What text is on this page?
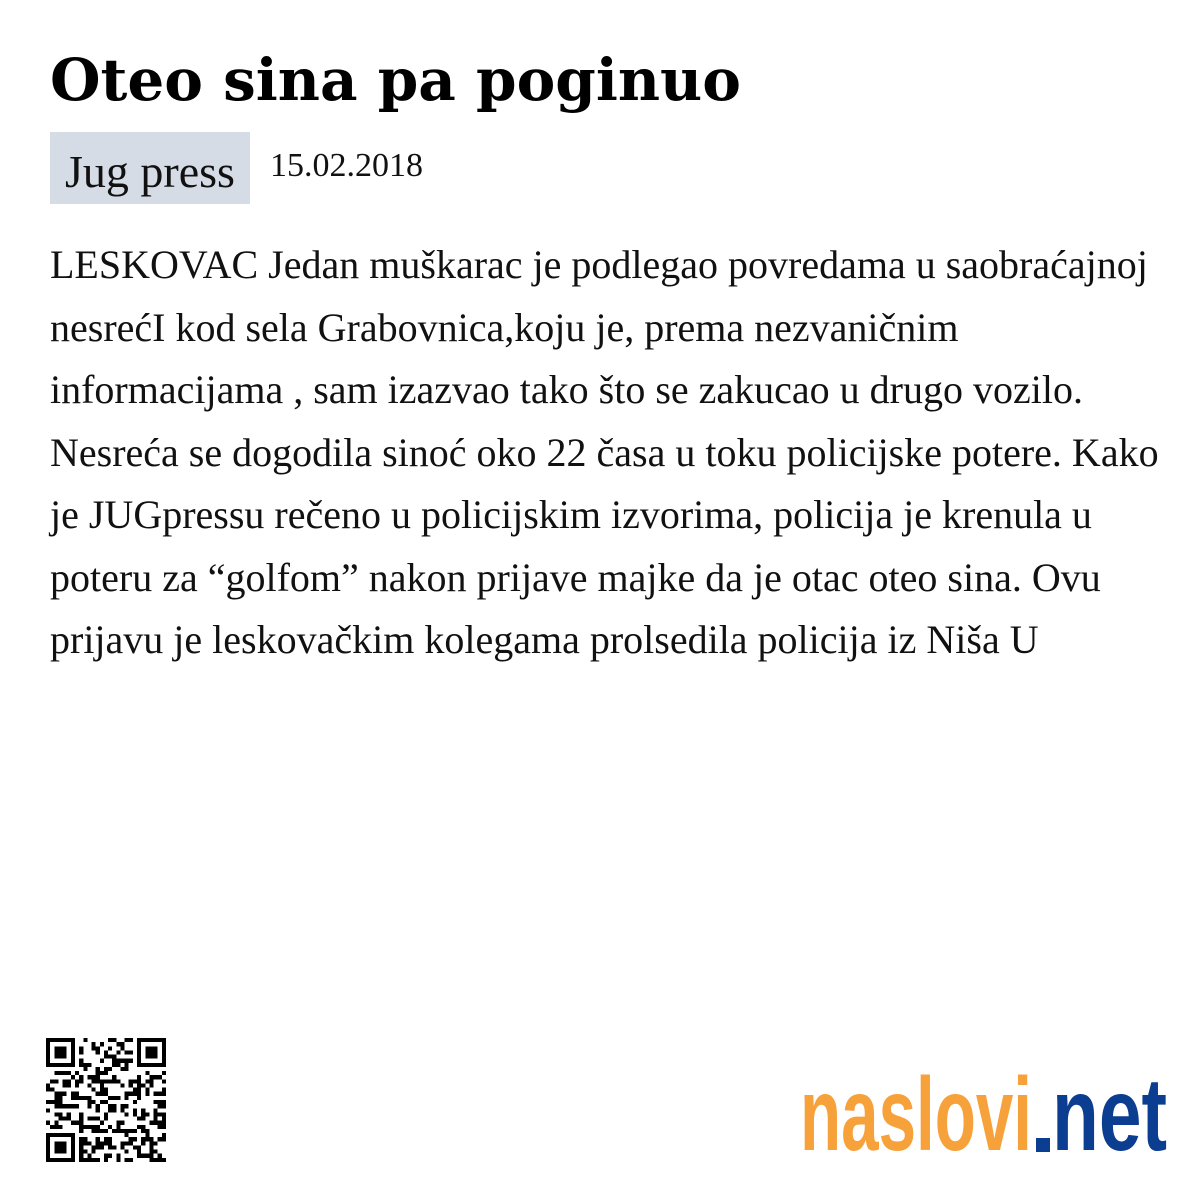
Oteo sina pa poginuo
Jug press	15.02.2018

LESKOVAC Jedan muškarac je podlegao povredama u saobraćajnoj nesrećI kod sela Grabovnica,koju je, prema nezvaničnim informacijama , sam izazvao tako što se zakucao u drugo vozilo. Nesreća se dogodila sinoć oko 22 časa u toku policijske potere. Kako je JUGpressu rečeno u policijskim izvorima, policija je krenula u poteru za “golfom” nakon prijave majke da je otac oteo sina. Ovu prijavu je leskovačkim kolegama prolsedila policija iz Niša U

naslovi net
